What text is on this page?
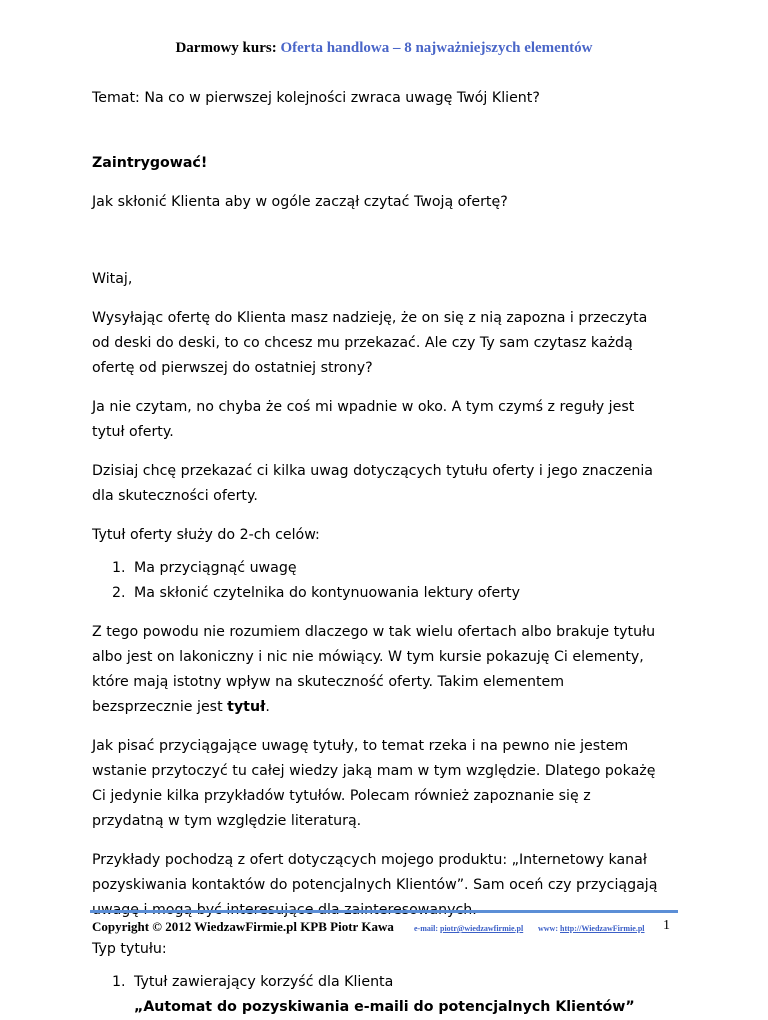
Darmowy kurs: Oferta handlowa – 8 najważniejszych elementów

Temat: Na co w pierwszej kolejności zwraca uwagę Twój Klient?

Zaintrygować!

Jak skłonić Klienta aby w ogóle zaczął czytać Twoją ofertę?

Witaj,

Wysyłając ofertę do Klienta masz nadzieję, że on się z nią zapozna i przeczyta od deski do deski, to co chcesz mu przekazać. Ale czy Ty sam czytasz każdą ofertę od pierwszej do ostatniej strony?

Ja nie czytam, no chyba że coś mi wpadnie w oko. A tym czymś z reguły jest tytuł oferty.

Dzisiaj chcę przekazać ci kilka uwag dotyczących tytułu oferty i jego znaczenia dla skuteczności oferty.

Tytuł oferty służy do 2-ch celów:

1. Ma przyciągnąć uwagę
2. Ma skłonić czytelnika do kontynuowania lektury oferty

Z tego powodu nie rozumiem dlaczego w tak wielu ofertach albo brakuje tytułu albo jest on lakoniczny i nic nie mówiący. W tym kursie pokazuję Ci elementy, które mają istotny wpływ na skuteczność oferty. Takim elementem bezsprzecznie jest tytuł.

Jak pisać przyciągające uwagę tytuły, to temat rzeka i na pewno nie jestem wstanie przytoczyć tu całej wiedzy jaką mam w tym względzie. Dlatego pokażę Ci jedynie kilka przykładów tytułów. Polecam również zapoznanie się z przydatną w tym względzie literaturą.

Przykłady pochodzą z ofert dotyczących mojego produktu: „Internetowy kanał pozyskiwania kontaktów do potencjalnych Klientów”. Sam oceń czy przyciągają

Typ tytułu:

1. Tytuł zawierający korzyść dla Klienta
„Automat do pozyskiwania e-maili do potencjalnych Klientów”
Copyright © 2012 WiedzawFirmie.pl KPB Piotr Kawa	e-mail: piotr@wiedzawfirmie.pl www: http://WiedzawFirmie.pl 1
